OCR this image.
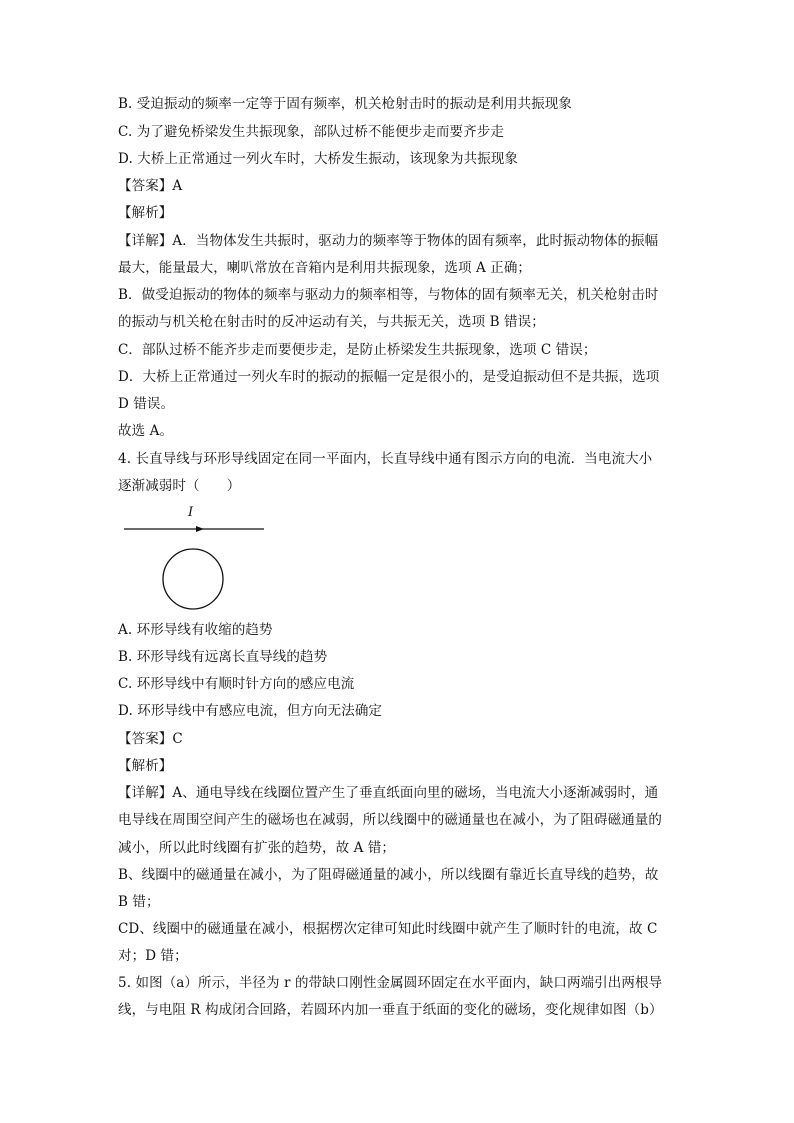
B. 受迫振动的频率一定等于固有频率，机关枪射击时的振动是利用共振现象
C. 为了避免桥梁发生共振现象，部队过桥不能便步走而要齐步走
D. 大桥上正常通过一列火车时，大桥发生振动，该现象为共振现象
【答案】A
【解析】
【详解】A．当物体发生共振时，驱动力的频率等于物体的固有频率，此时振动物体的振幅
最大，能量最大，喇叭常放在音箱内是利用共振现象，选项 A 正确；
B．做受迫振动的物体的频率与驱动力的频率相等，与物体的固有频率无关，机关枪射击时
的振动与机关枪在射击时的反冲运动有关，与共振无关，选项 B 错误；
C．部队过桥不能齐步走而要便步走，是防止桥梁发生共振现象，选项 C 错误；
D．大桥上正常通过一列火车时的振动的振幅一定是很小的，是受迫振动但不是共振，选项
D 错误。
故选 A。
4. 长直导线与环形导线固定在同一平面内，长直导线中通有图示方向的电流．当电流大小
逐渐减弱时（　　）
I
A. 环形导线有收缩的趋势
B. 环形导线有远离长直导线的趋势
C. 环形导线中有顺时针方向的感应电流
D. 环形导线中有感应电流，但方向无法确定
【答案】C
【解析】
【详解】A、通电导线在线圈位置产生了垂直纸面向里的磁场，当电流大小逐渐减弱时，通
电导线在周围空间产生的磁场也在减弱，所以线圈中的磁通量也在减小，为了阻碍磁通量的
减小，所以此时线圈有扩张的趋势，故 A 错；
B、线圈中的磁通量在减小，为了阻碍磁通量的减小，所以线圈有靠近长直导线的趋势，故
B 错；
CD、线圈中的磁通量在减小，根据楞次定律可知此时线圈中就产生了顺时针的电流，故 C
对；D 错；
5. 如图（a）所示，半径为 r 的带缺口刚性金属圆环固定在水平面内，缺口两端引出两根导
线，与电阻 R 构成闭合回路，若圆环内加一垂直于纸面的变化的磁场，变化规律如图（b）
